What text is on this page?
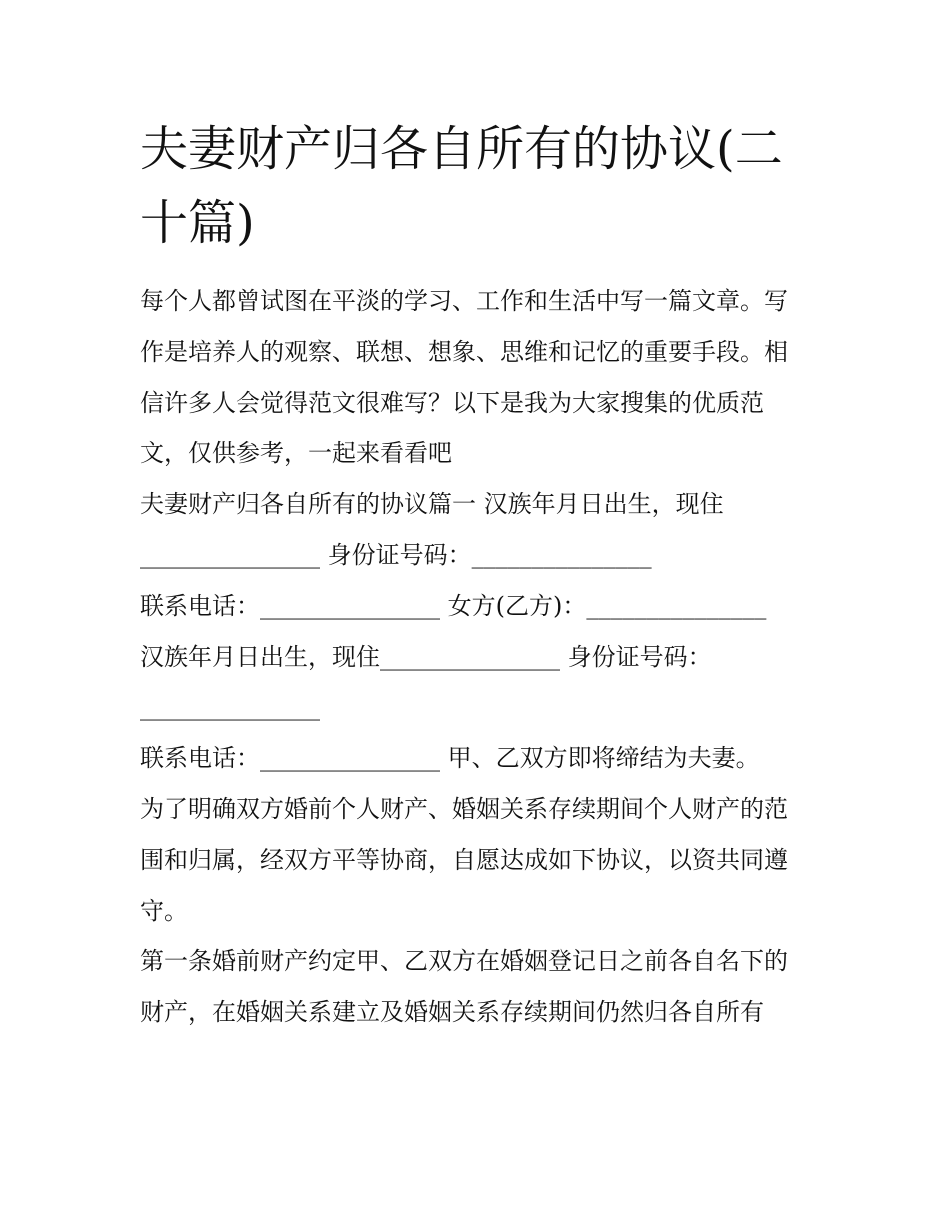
夫妻财产归各自所有的协议(二
十篇)
每个人都曾试图在平淡的学习、工作和生活中写一篇文章。写
作是培养人的观察、联想、想象、思维和记忆的重要手段。相
信许多人会觉得范文很难写？以下是我为大家搜集的优质范
文，仅供参考，一起来看看吧
夫妻财产归各自所有的协议篇一 汉族年月日出生，现住
_______________ 身份证号码：_______________
联系电话：_______________ 女方(乙方)：_______________
汉族年月日出生，现住_______________ 身份证号码：
_______________
联系电话：_______________ 甲、乙双方即将缔结为夫妻。
为了明确双方婚前个人财产、婚姻关系存续期间个人财产的范
围和归属，经双方平等协商，自愿达成如下协议，以资共同遵
守。
第一条婚前财产约定甲、乙双方在婚姻登记日之前各自名下的
财产，在婚姻关系建立及婚姻关系存续期间仍然归各自所有
